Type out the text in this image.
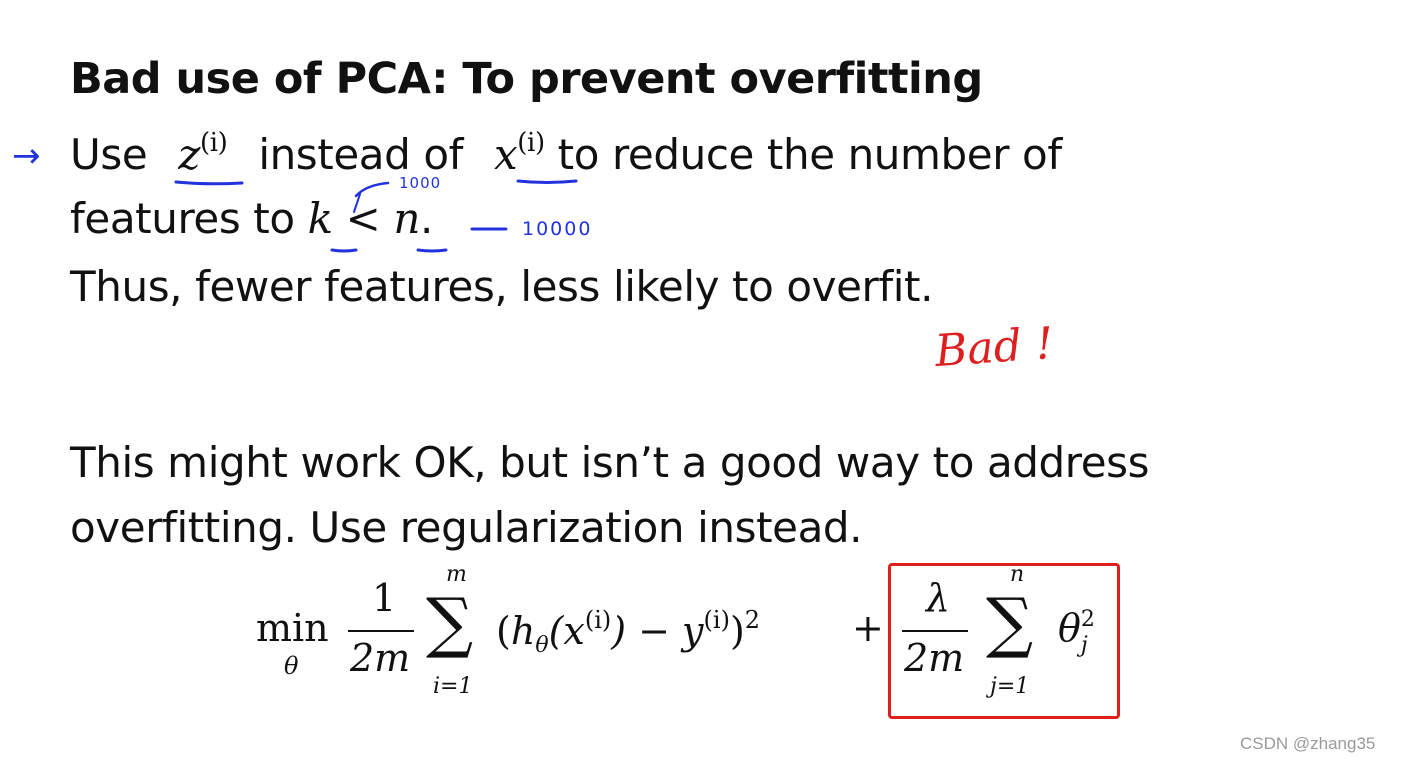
Bad use of PCA: To prevent overfitting
→ Use $z^{(i)}$ instead of $x^{(i)}$ to reduce the number of
features to k < n.
Thus, fewer features, less likely to overfit.
1000
10000
Bad !
This might work OK, but isn’t a good way to address
overfitting. Use regularization instead.
min
θ
1
2m
m
∑
i=1
$(h_\theta(x^{(i)}) - y^{(i)})^2$ +
λ
2m
n
∑
j=1
θ 2
j
CSDN @zhang35
